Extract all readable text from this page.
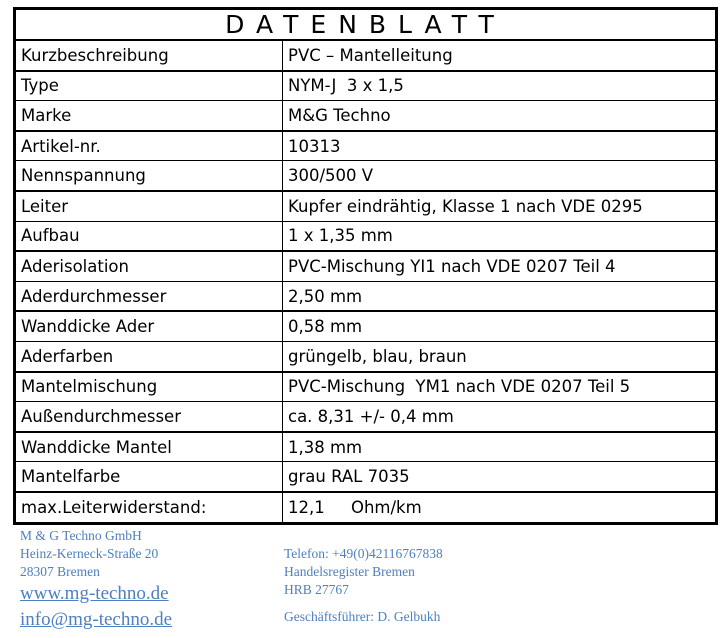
DATENBLATT
Kurzbeschreibung	PVC – Mantelleitung
Type	NYM-J  3 x 1,5
Marke	M&G Techno
Artikel-nr.	10313
Nennspannung	300/500 V
Leiter	Kupfer eindrähtig, Klasse 1 nach VDE 0295
Aufbau	1 x 1,35 mm
Aderisolation	PVC-Mischung YI1 nach VDE 0207 Teil 4
Aderdurchmesser	2,50 mm
Wanddicke Ader	0,58 mm
Aderfarben	grüngelb, blau, braun
Mantelmischung	PVC-Mischung  YM1 nach VDE 0207 Teil 5
Außendurchmesser	ca. 8,31 +/- 0,4 mm
Wanddicke Mantel	1,38 mm
Mantelfarbe	grau RAL 7035
max.Leiterwiderstand:	12,1     Ohm/km
M & G Techno GmbH
Heinz-Kerneck-Straße 20
28307 Bremen
www.mg-techno.de
info@mg-techno.de
Telefon: +49(0)42116767838
Handelsregister Bremen
HRB 27767
Geschäftsführer: D. Gelbukh
